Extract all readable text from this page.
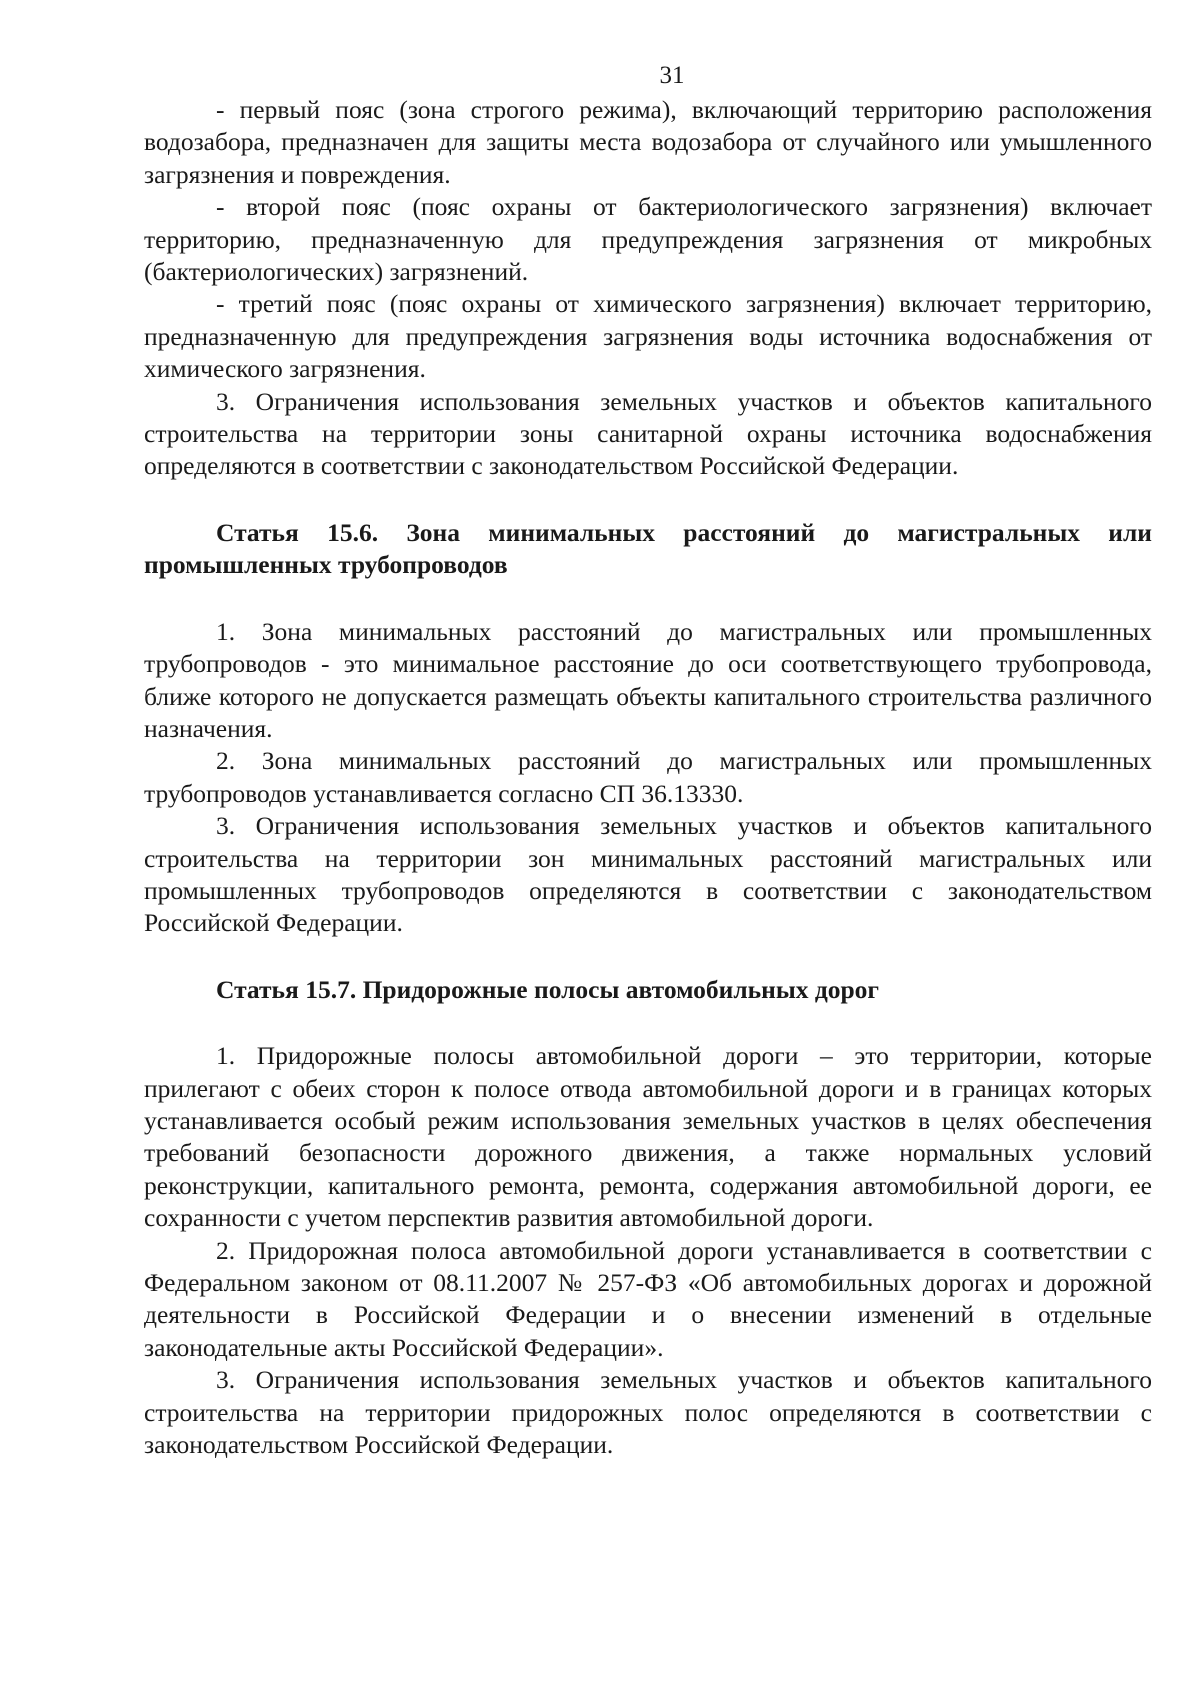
31

- первый пояс (зона строгого режима), включающий территорию расположения водозабора, предназначен для защиты места водозабора от случайного или умышленного загрязнения и повреждения.

- второй пояс (пояс охраны от бактериологического загрязнения) включает территорию, предназначенную для предупреждения загрязнения от микробных (бактериологических) загрязнений.

- третий пояс (пояс охраны от химического загрязнения) включает территорию, предназначенную для предупреждения загрязнения воды источника водоснабжения от химического загрязнения.

3. Ограничения использования земельных участков и объектов капитального строительства на территории зоны санитарной охраны источника водоснабжения определяются в соответствии с законодательством Российской Федерации.

Статья 15.6. Зона минимальных расстояний до магистральных или промышленных трубопроводов

1. Зона минимальных расстояний до магистральных или промышленных трубопроводов - это минимальное расстояние до оси соответствующего трубопровода, ближе которого не допускается размещать объекты капитального строительства различного назначения.

2. Зона минимальных расстояний до магистральных или промышленных трубопроводов устанавливается согласно СП 36.13330.

3. Ограничения использования земельных участков и объектов капитального строительства на территории зон минимальных расстояний магистральных или промышленных трубопроводов определяются в соответствии с законодательством Российской Федерации.

Статья 15.7. Придорожные полосы автомобильных дорог

1. Придорожные полосы автомобильной дороги – это территории, которые прилегают с обеих сторон к полосе отвода автомобильной дороги и в границах которых устанавливается особый режим использования земельных участков в целях обеспечения требований безопасности дорожного движения, а также нормальных условий реконструкции, капитального ремонта, ремонта, содержания автомобильной дороги, ее сохранности с учетом перспектив развития автомобильной дороги.

2. Придорожная полоса автомобильной дороги устанавливается в соответствии с Федеральном законом от 08.11.2007 № 257-ФЗ «Об автомобильных дорогах и дорожной деятельности в Российской Федерации и о внесении изменений в отдельные законодательные акты Российской Федерации».

3. Ограничения использования земельных участков и объектов капитального строительства на территории придорожных полос определяются в соответствии с законодательством Российской Федерации.
